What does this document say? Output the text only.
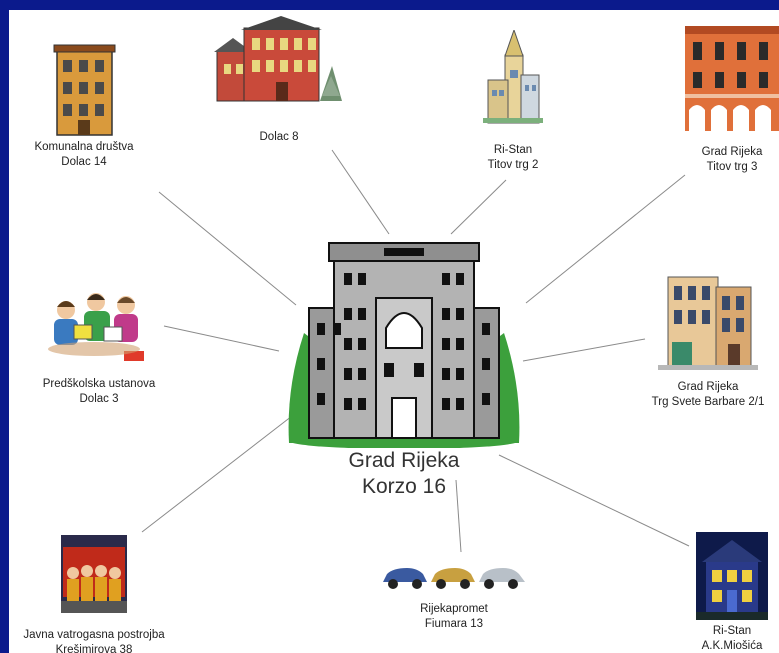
Grad Rijeka
Korzo 16
Komunalna društva
Dolac 14
Dolac 8
Ri-Stan
Titov trg 2
Grad Rijeka
Titov trg 3
Predškolska ustanova
Dolac 3
Grad Rijeka
Trg Svete Barbare 2/1
Javna vatrogasna postrojba
Krešimirova 38
Rijekapromet
Fiumara 13
Ri-Stan
A.K.Miošića
